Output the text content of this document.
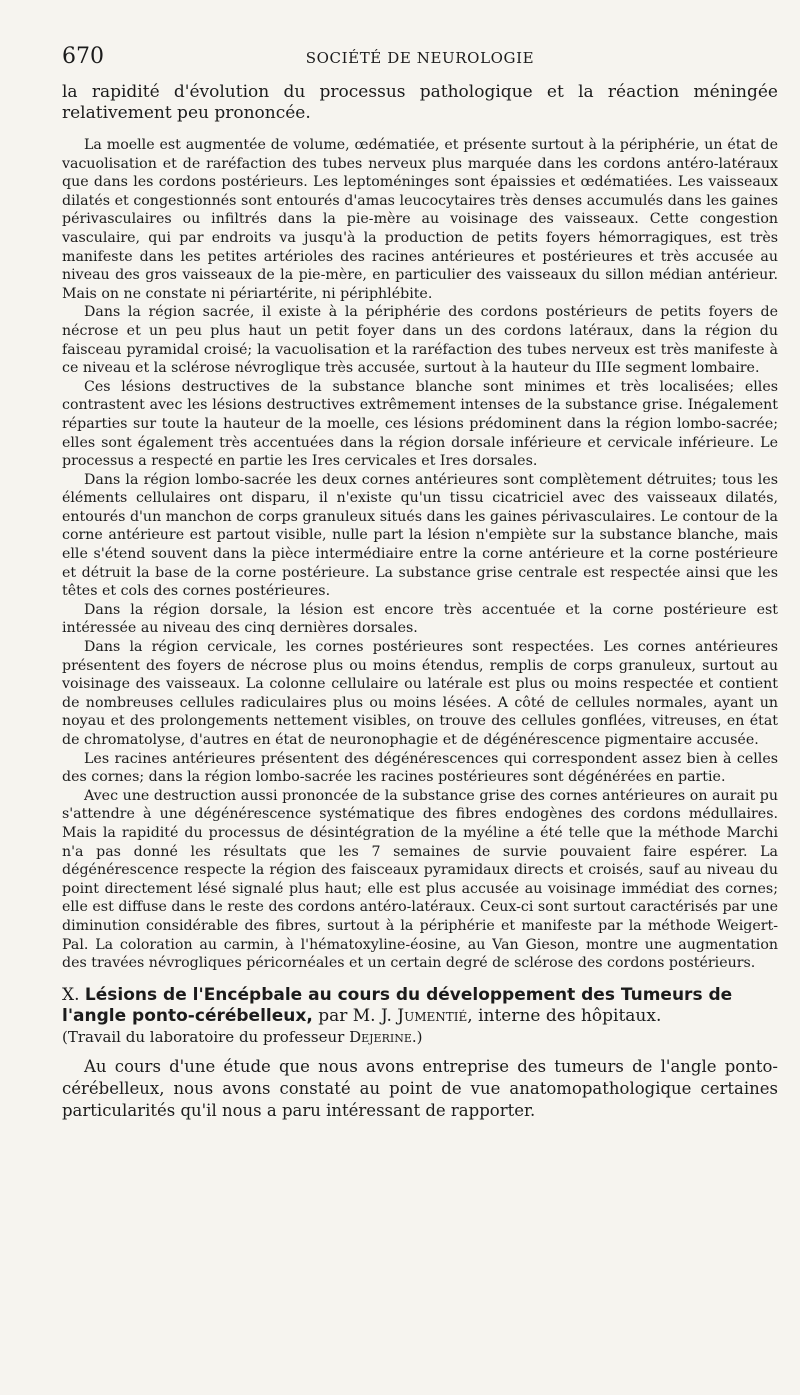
670	SOCIÉTÉ DE NEUROLOGIE

la rapidité d'évolution du processus pathologique et la réaction méningée relativement peu prononcée.

La moelle est augmentée de volume, œdématiée, et présente surtout à la périphérie, un état de vacuolisation et de raréfaction des tubes nerveux plus marquée dans les cordons antéro-latéraux que dans les cordons postérieurs. Les leptoméninges sont épaissies et œdématiées. Les vaisseaux dilatés et congestionnés sont entourés d'amas leucocytaires très denses accumulés dans les gaines périvasculaires ou infiltrés dans la pie-mère au voisinage des vaisseaux. Cette congestion vasculaire, qui par endroits va jusqu'à la production de petits foyers hémorragiques, est très manifeste dans les petites artérioles des racines antérieures et postérieures et très accusée au niveau des gros vaisseaux de la pie-mère, en particulier des vaisseaux du sillon médian antérieur. Mais on ne constate ni périartérite, ni périphlébite.

Dans la région sacrée, il existe à la périphérie des cordons postérieurs de petits foyers de nécrose et un peu plus haut un petit foyer dans un des cordons latéraux, dans la région du faisceau pyramidal croisé; la vacuolisation et la raréfaction des tubes nerveux est très manifeste à ce niveau et la sclérose névroglique très accusée, surtout à la hauteur du IIIe segment lombaire.

Ces lésions destructives de la substance blanche sont minimes et très localisées; elles contrastent avec les lésions destructives extrêmement intenses de la substance grise. Inégalement réparties sur toute la hauteur de la moelle, ces lésions prédominent dans la région lombo-sacrée; elles sont également très accentuées dans la région dorsale inférieure et cervicale inférieure. Le processus a respecté en partie les Ires cervicales et Ires dorsales.

Dans la région lombo-sacrée les deux cornes antérieures sont complètement détruites; tous les éléments cellulaires ont disparu, il n'existe qu'un tissu cicatriciel avec des vaisseaux dilatés, entourés d'un manchon de corps granuleux situés dans les gaines périvasculaires. Le contour de la corne antérieure est partout visible, nulle part la lésion n'empiète sur la substance blanche, mais elle s'étend souvent dans la pièce intermédiaire entre la corne antérieure et la corne postérieure et détruit la base de la corne postérieure. La substance grise centrale est respectée ainsi que les têtes et cols des cornes postérieures.

Dans la région dorsale, la lésion est encore très accentuée et la corne postérieure est intéressée au niveau des cinq dernières dorsales.

Dans la région cervicale, les cornes postérieures sont respectées. Les cornes antérieures présentent des foyers de nécrose plus ou moins étendus, remplis de corps granuleux, surtout au voisinage des vaisseaux. La colonne cellulaire ou latérale est plus ou moins respectée et contient de nombreuses cellules radiculaires plus ou moins lésées. A côté de cellules normales, ayant un noyau et des prolongements nettement visibles, on trouve des cellules gonflées, vitreuses, en état de chromatolyse, d'autres en état de neuronophagie et de dégénérescence pigmentaire accusée.

Les racines antérieures présentent des dégénérescences qui correspondent assez bien à celles des cornes; dans la région lombo-sacrée les racines postérieures sont dégénérées en partie.

Avec une destruction aussi prononcée de la substance grise des cornes antérieures on aurait pu s'attendre à une dégénérescence systématique des fibres endogènes des cordons médullaires. Mais la rapidité du processus de désintégration de la myéline a été telle que la méthode Marchi n'a pas donné les résultats que les 7 semaines de survie pouvaient faire espérer. La dégénérescence respecte la région des faisceaux pyramidaux directs et croisés, sauf au niveau du point directement lésé signalé plus haut; elle est plus accusée au voisinage immédiat des cornes; elle est diffuse dans le reste des cordons antéro-latéraux. Ceux-ci sont surtout caractérisés par une diminution considérable des fibres, surtout à la périphérie et manifeste par la méthode Weigert-Pal. La coloration au carmin, à l'hématoxyline-éosine, au Van Gieson, montre une augmentation des travées névrogliques péricornéales et un certain degré de sclérose des cordons postérieurs.

X. Lésions de l'Encépbale au cours du développement des Tumeurs de l'angle ponto-cérébelleux, par M. J. Jumentié, interne des hôpitaux.
(Travail du laboratoire du professeur Dejerine.)

Au cours d'une étude que nous avons entreprise des tumeurs de l'angle ponto-cérébelleux, nous avons constaté au point de vue anatomopathologique certaines particularités qu'il nous a paru intéressant de rapporter.
